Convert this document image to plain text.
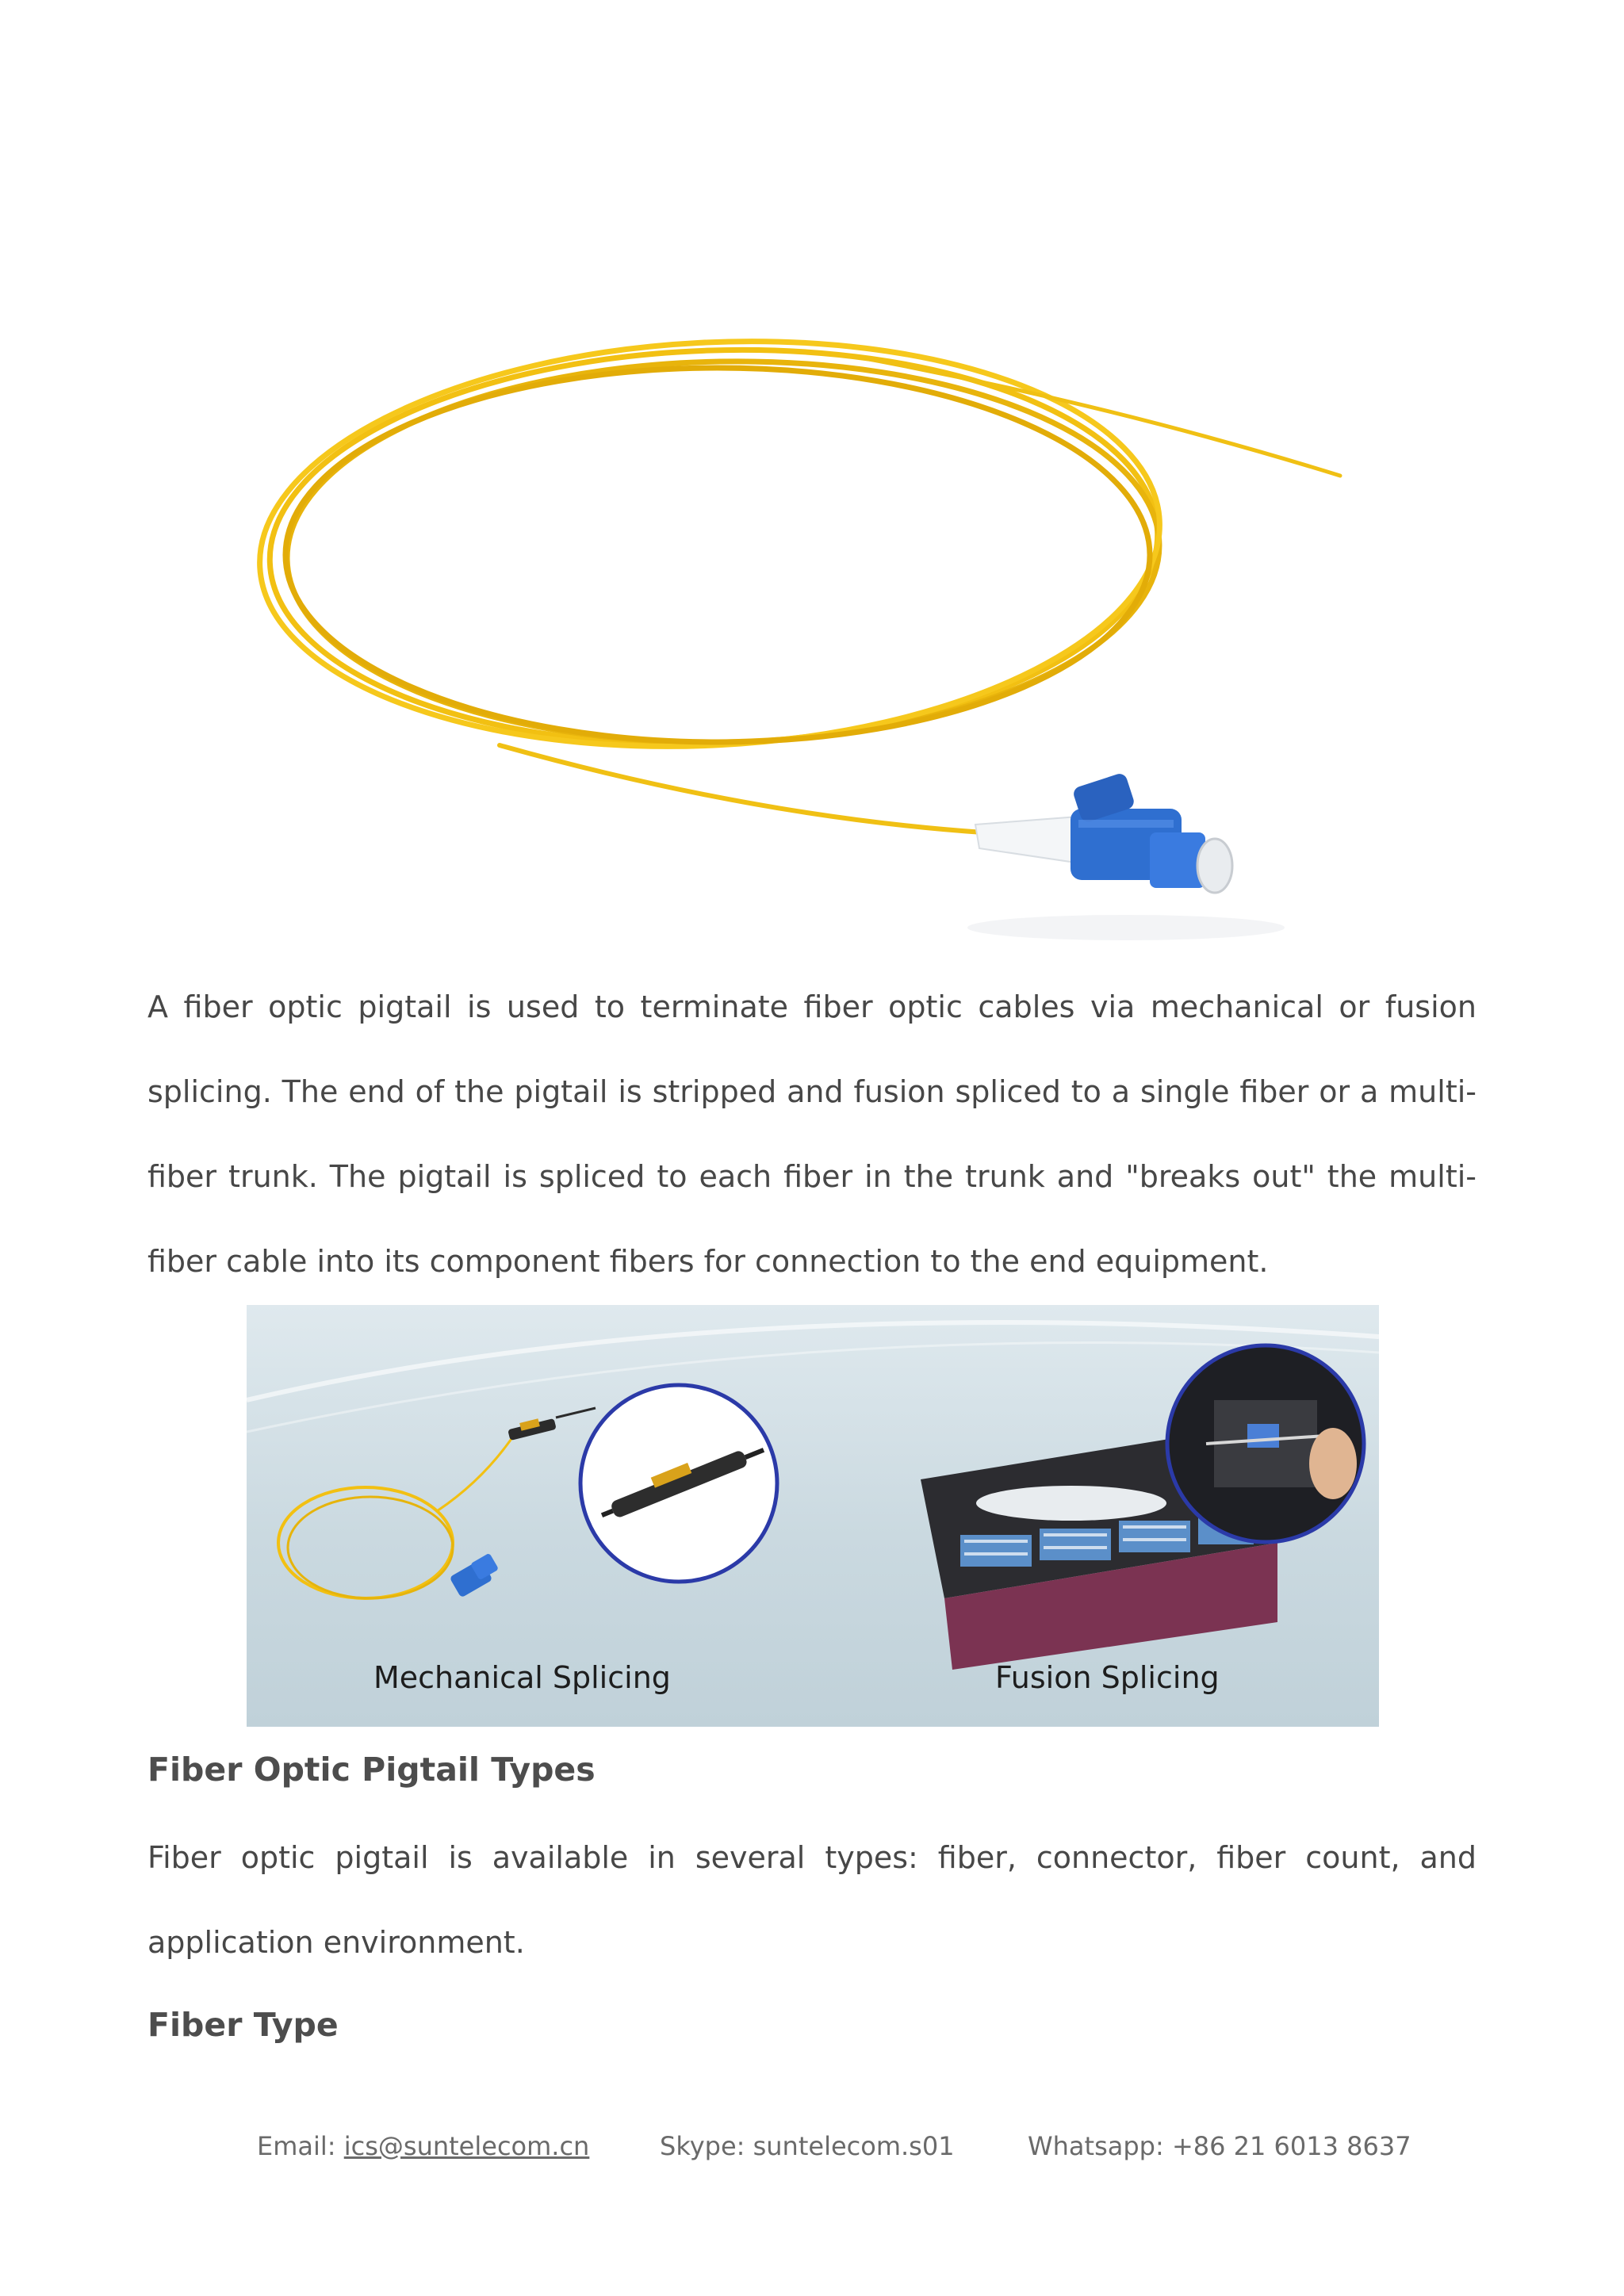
A fiber optic pigtail is used to terminate fiber optic cables via mechanical or fusion splicing. The end of the pigtail is stripped and fusion spliced to a single fiber or a multi-fiber trunk. The pigtail is spliced to each fiber in the trunk and "breaks out" the multi-fiber cable into its component fibers for connection to the end equipment.

Mechanical Splicing	Fusion Splicing
Fiber Optic Pigtail Types

Fiber optic pigtail is available in several types: fiber, connector, fiber count, and application environment.

Fiber Type
Email: ics@suntelecom.cn	Skype: suntelecom.s01	Whatsapp: +86 21 6013 8637
